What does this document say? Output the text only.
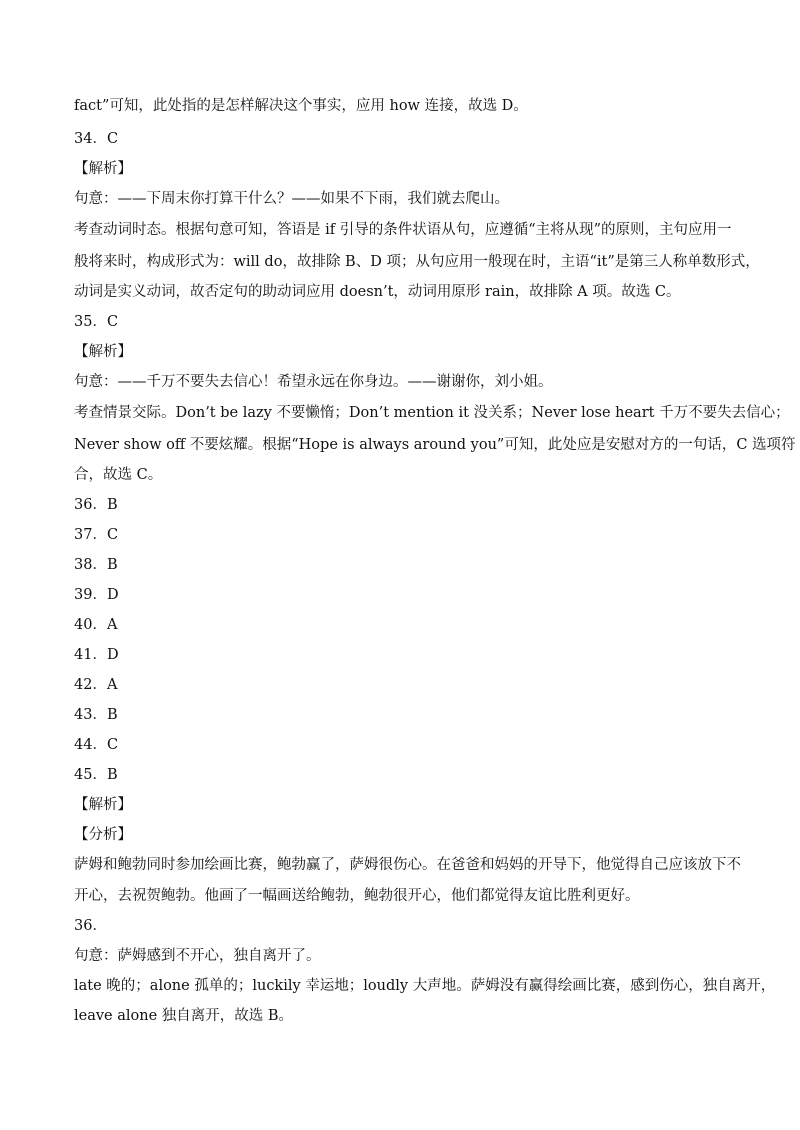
fact”可知，此处指的是怎样解决这个事实，应用 how 连接，故选 D。
34．C
【解析】
句意：——下周末你打算干什么？——如果不下雨，我们就去爬山。
考查动词时态。根据句意可知，答语是 if 引导的条件状语从句，应遵循“主将从现”的原则，主句应用一
般将来时，构成形式为：will do，故排除 B、D 项；从句应用一般现在时，主语“it”是第三人称单数形式，
动词是实义动词，故否定句的助动词应用 doesn’t，动词用原形 rain，故排除 A 项。故选 C。
35．C
【解析】
句意：——千万不要失去信心！希望永远在你身边。——谢谢你，刘小姐。
考查情景交际。Don’t be lazy 不要懒惰；Don’t mention it 没关系；Never lose heart 千万不要失去信心；
Never show off 不要炫耀。根据“Hope is always around you”可知，此处应是安慰对方的一句话，C 选项符
合，故选 C。
36．B
37．C
38．B
39．D
40．A
41．D
42．A
43．B
44．C
45．B
【解析】
【分析】
萨姆和鲍勃同时参加绘画比赛，鲍勃赢了，萨姆很伤心。在爸爸和妈妈的开导下，他觉得自己应该放下不
开心，去祝贺鲍勃。他画了一幅画送给鲍勃，鲍勃很开心，他们都觉得友谊比胜利更好。
36．
句意：萨姆感到不开心，独自离开了。
late 晚的；alone 孤单的；luckily 幸运地；loudly 大声地。萨姆没有赢得绘画比赛，感到伤心，独自离开，
leave alone 独自离开，故选 B。
